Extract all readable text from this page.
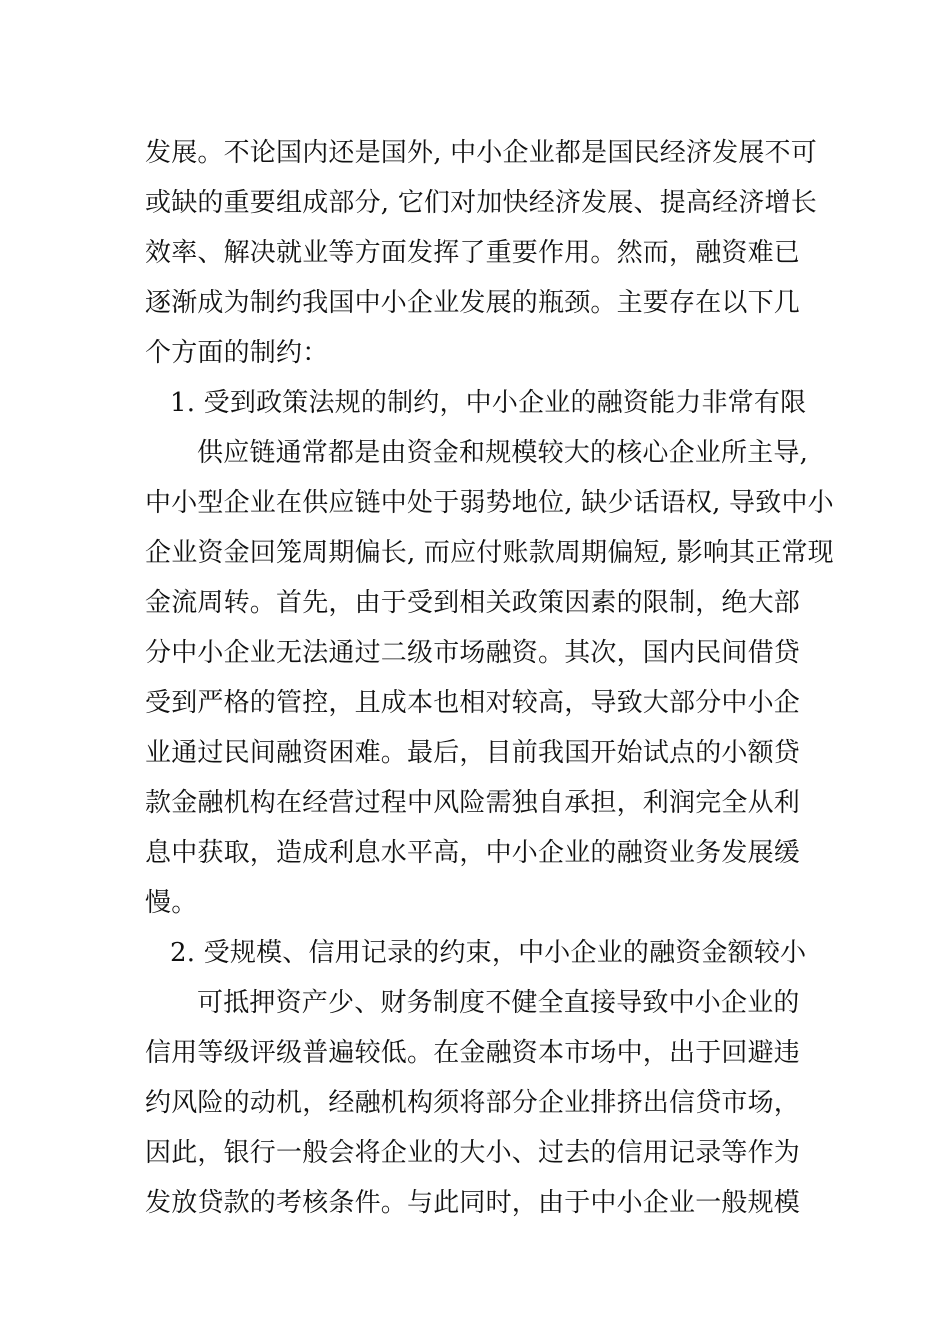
发展。不论国内还是国外, 中小企业都是国民经济发展不可
或缺的重要组成部分, 它们对加快经济发展、提高经济增长
效率、解决就业等方面发挥了重要作用。然而，融资难已
逐渐成为制约我国中小企业发展的瓶颈。主要存在以下几
个方面的制约：
1. 受到政策法规的制约，中小企业的融资能力非常有限
供应链通常都是由资金和规模较大的核心企业所主导,
中小型企业在供应链中处于弱势地位, 缺少话语权, 导致中小
企业资金回笼周期偏长, 而应付账款周期偏短, 影响其正常现
金流周转。首先，由于受到相关政策因素的限制，绝大部
分中小企业无法通过二级市场融资。其次，国内民间借贷
受到严格的管控，且成本也相对较高，导致大部分中小企
业通过民间融资困难。最后，目前我国开始试点的小额贷
款金融机构在经营过程中风险需独自承担，利润完全从利
息中获取，造成利息水平高，中小企业的融资业务发展缓
慢。
2. 受规模、信用记录的约束，中小企业的融资金额较小
可抵押资产少、财务制度不健全直接导致中小企业的
信用等级评级普遍较低。在金融资本市场中，出于回避违
约风险的动机，经融机构须将部分企业排挤出信贷市场，
因此，银行一般会将企业的大小、过去的信用记录等作为
发放贷款的考核条件。与此同时，由于中小企业一般规模
